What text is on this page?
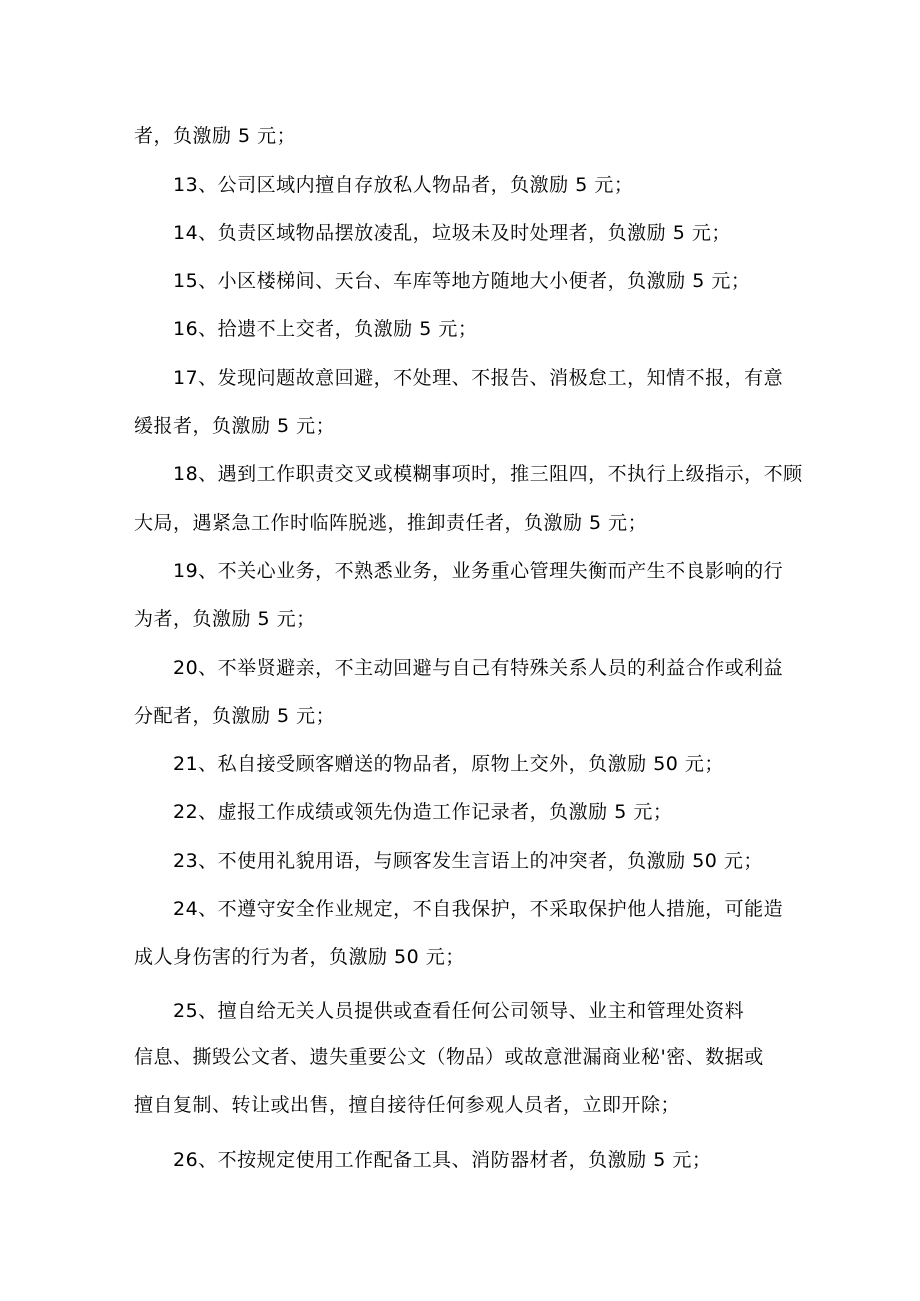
者，负激励 5 元；
13、公司区域内擅自存放私人物品者，负激励 5 元；
14、负责区域物品摆放凌乱，垃圾未及时处理者，负激励 5 元；
15、小区楼梯间、天台、车库等地方随地大小便者，负激励 5 元；
16、拾遗不上交者，负激励 5 元；
17、发现问题故意回避，不处理、不报告、消极怠工，知情不报，有意
缓报者，负激励 5 元；
18、遇到工作职责交叉或模糊事项时，推三阻四，不执行上级指示，不顾
大局，遇紧急工作时临阵脱逃，推卸责任者，负激励 5 元；
19、不关心业务，不熟悉业务，业务重心管理失衡而产生不良影响的行
为者，负激励 5 元；
20、不举贤避亲，不主动回避与自己有特殊关系人员的利益合作或利益
分配者，负激励 5 元；
21、私自接受顾客赠送的物品者，原物上交外，负激励 50 元；
22、虚报工作成绩或领先伪造工作记录者，负激励 5 元；
23、不使用礼貌用语，与顾客发生言语上的冲突者，负激励 50 元；
24、不遵守安全作业规定，不自我保护，不采取保护他人措施，可能造
成人身伤害的行为者，负激励 50 元；
25、擅自给无关人员提供或查看任何公司领导、业主和管理处资料
信息、撕毁公文者、遗失重要公文（物品）或故意泄漏商业秘'密、数据或
擅自复制、转让或出售，擅自接待任何参观人员者，立即开除；
26、不按规定使用工作配备工具、消防器材者，负激励 5 元；
